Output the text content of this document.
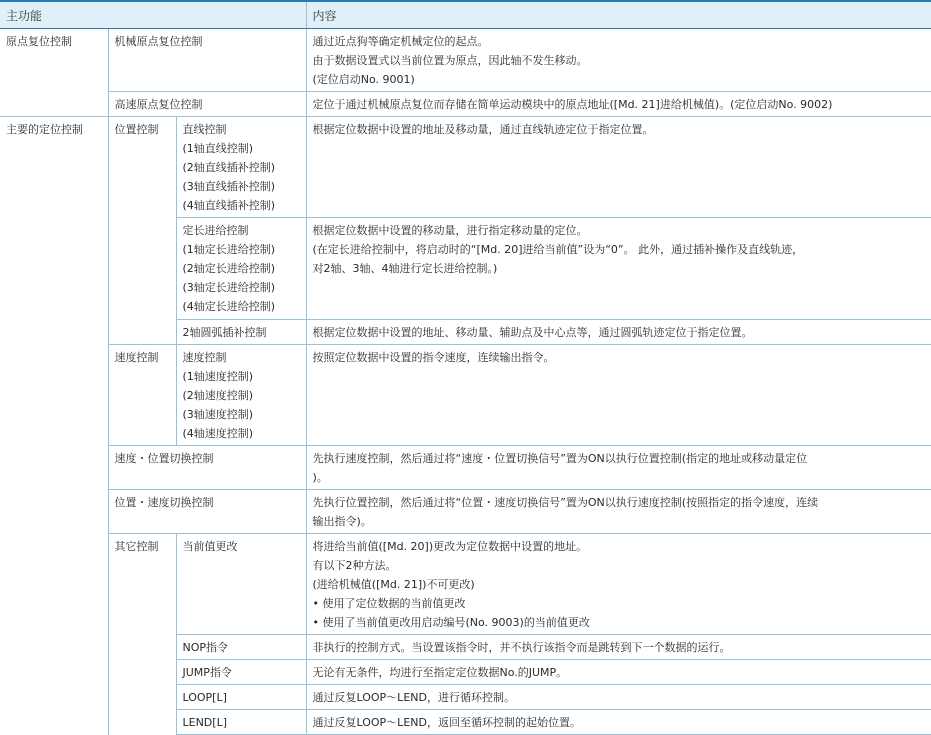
主功能			内容
原点复位控制	机械原点复位控制		通过近点狗等确定机械定位的起点。
由于数据设置式以当前位置为原点，因此轴不发生移动。
(定位启动No. 9001)

	高速原点复位控制		定位于通过机械原点复位而存储在简单运动模块中的原点地址([Md. 21]进给机械值)。(定位启动No. 9002)
主要的定位控制	位置控制	直线控制
(1轴直线控制)
(2轴直线插补控制)
(3轴直线插补控制)
(4轴直线插补控制)	根据定位数据中设置的地址及移动量，通过直线轨迹定位于指定位置。

		定长进给控制
(1轴定长进给控制)
(2轴定长进给控制)
(3轴定长进给控制)
(4轴定长进给控制)	根据定位数据中设置的移动量，进行指定移动量的定位。
(在定长进给控制中，将启动时的“[Md. 20]进给当前值”设为“0”。 此外，通过插补操作及直线轨迹，
对2轴、3轴、4轴进行定长进给控制。)

		2轴圆弧插补控制	根据定位数据中设置的地址、移动量、辅助点及中心点等，通过圆弧轨迹定位于指定位置。
	速度控制	速度控制
(1轴速度控制)
(2轴速度控制)
(3轴速度控制)
(4轴速度控制)	按照定位数据中设置的指令速度，连续输出指令。
	速度・位置切换控制		先执行速度控制，然后通过将“速度・位置切换信号”置为ON以执行位置控制(指定的地址或移动量定位
)。

	位置・速度切换控制		先执行位置控制，然后通过将“位置・速度切换信号”置为ON以执行速度控制(按照指定的指令速度，连续
输出指令)。

	其它控制	当前值更改	将进给当前值([Md. 20])更改为定位数据中设置的地址。
有以下2种方法。
(进给机械值([Md. 21])不可更改)
• 使用了定位数据的当前值更改
• 使用了当前值更改用启动编号(No. 9003)的当前值更改

		NOP指令	非执行的控制方式。当设置该指令时，并不执行该指令而是跳转到下一个数据的运行。
		JUMP指令	无论有无条件，均进行至指定定位数据No.的JUMP。
		LOOP[L]	通过反复LOOP～LEND，进行循环控制。
		LEND[L]	通过反复LOOP～LEND，返回至循环控制的起始位置。
